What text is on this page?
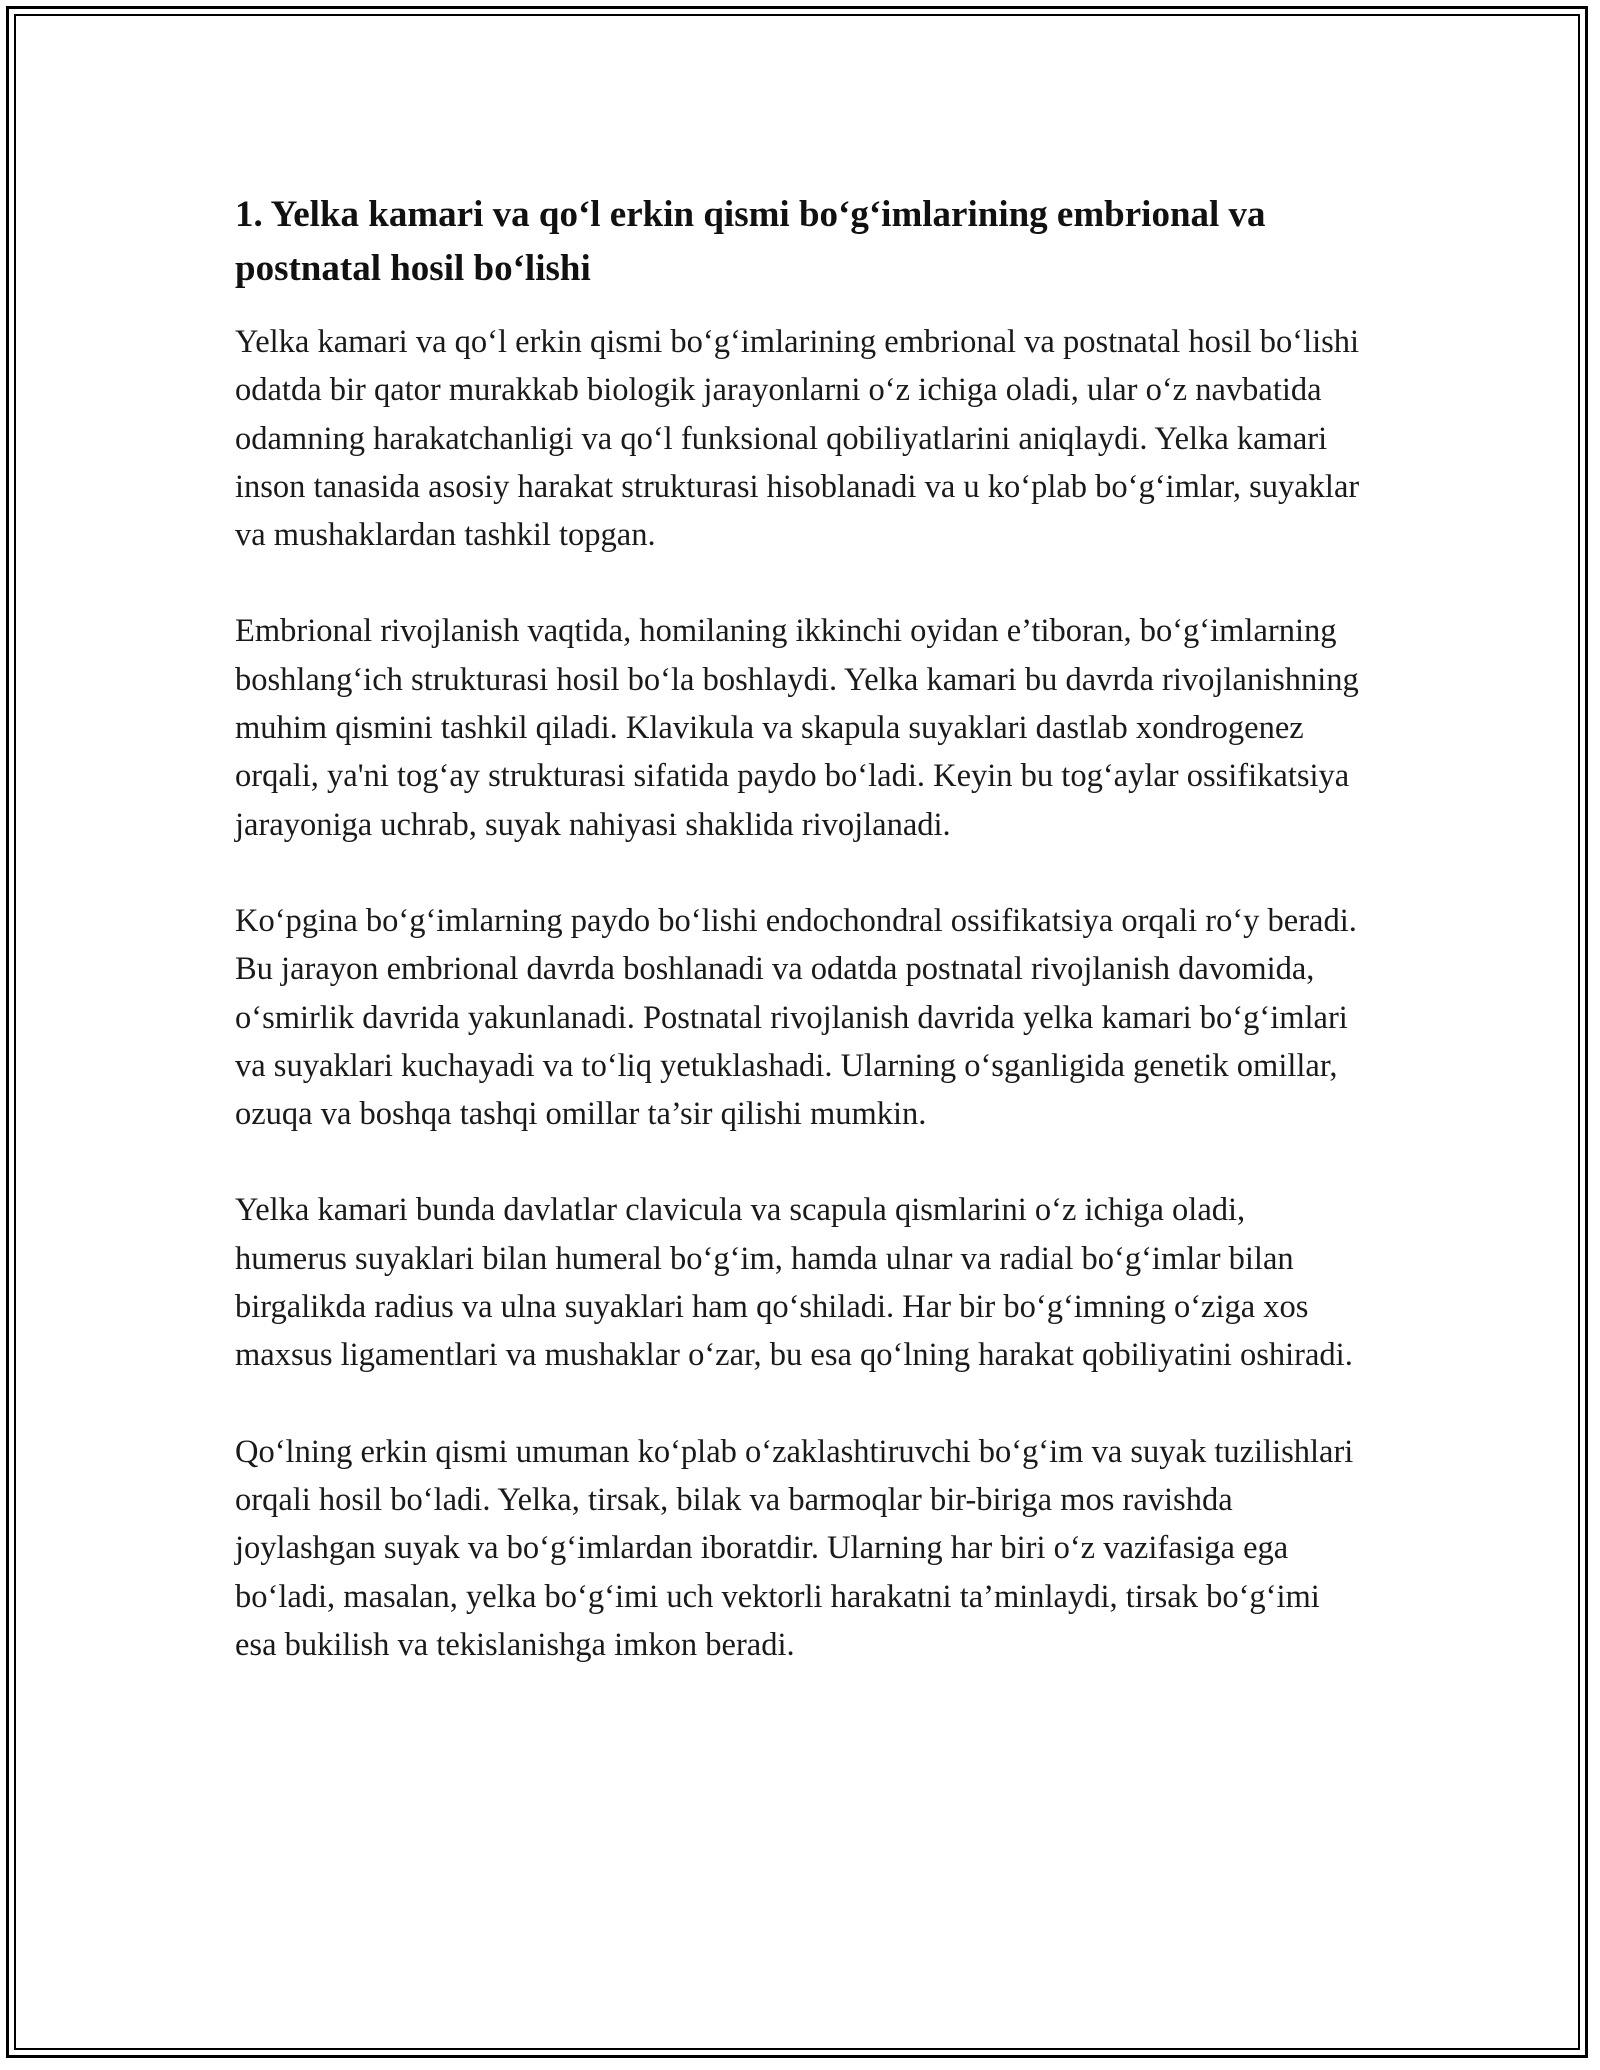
1. Yelka kamari va qo‘l erkin qismi bo‘g‘imlarining embrional va postnatal hosil bo‘lishi

Yelka kamari va qo‘l erkin qismi bo‘g‘imlarining embrional va postnatal hosil bo‘lishi odatda bir qator murakkab biologik jarayonlarni o‘z ichiga oladi, ular o‘z navbatida odamning harakatchanligi va qo‘l funksional qobiliyatlarini aniqlaydi. Yelka kamari inson tanasida asosiy harakat strukturasi hisoblanadi va u ko‘plab bo‘g‘imlar, suyaklar va mushaklardan tashkil topgan.

Embrional rivojlanish vaqtida, homilaning ikkinchi oyidan e’tiboran, bo‘g‘imlarning boshlang‘ich strukturasi hosil bo‘la boshlaydi. Yelka kamari bu davrda rivojlanishning muhim qismini tashkil qiladi. Klavikula va skapula suyaklari dastlab xondrogenez orqali, ya'ni tog‘ay strukturasi sifatida paydo bo‘ladi. Keyin bu tog‘aylar ossifikatsiya jarayoniga uchrab, suyak nahiyasi shaklida rivojlanadi.

Ko‘pgina bo‘g‘imlarning paydo bo‘lishi endochondral ossifikatsiya orqali ro‘y beradi. Bu jarayon embrional davrda boshlanadi va odatda postnatal rivojlanish davomida, o‘smirlik davrida yakunlanadi. Postnatal rivojlanish davrida yelka kamari bo‘g‘imlari va suyaklari kuchayadi va to‘liq yetuklashadi. Ularning o‘sganligida genetik omillar, ozuqa va boshqa tashqi omillar ta’sir qilishi mumkin.

Yelka kamari bunda davlatlar clavicula va scapula qismlarini o‘z ichiga oladi, humerus suyaklari bilan humeral bo‘g‘im, hamda ulnar va radial bo‘g‘imlar bilan birgalikda radius va ulna suyaklari ham qo‘shiladi. Har bir bo‘g‘imning o‘ziga xos maxsus ligamentlari va mushaklar o‘zar, bu esa qo‘lning harakat qobiliyatini oshiradi.

Qo‘lning erkin qismi umuman ko‘plab o‘zaklashtiruvchi bo‘g‘im va suyak tuzilishlari orqali hosil bo‘ladi. Yelka, tirsak, bilak va barmoqlar bir-biriga mos ravishda joylashgan suyak va bo‘g‘imlardan iboratdir. Ularning har biri o‘z vazifasiga ega bo‘ladi, masalan, yelka bo‘g‘imi uch vektorli harakatni ta’minlaydi, tirsak bo‘g‘imi esa bukilish va tekislanishga imkon beradi.
